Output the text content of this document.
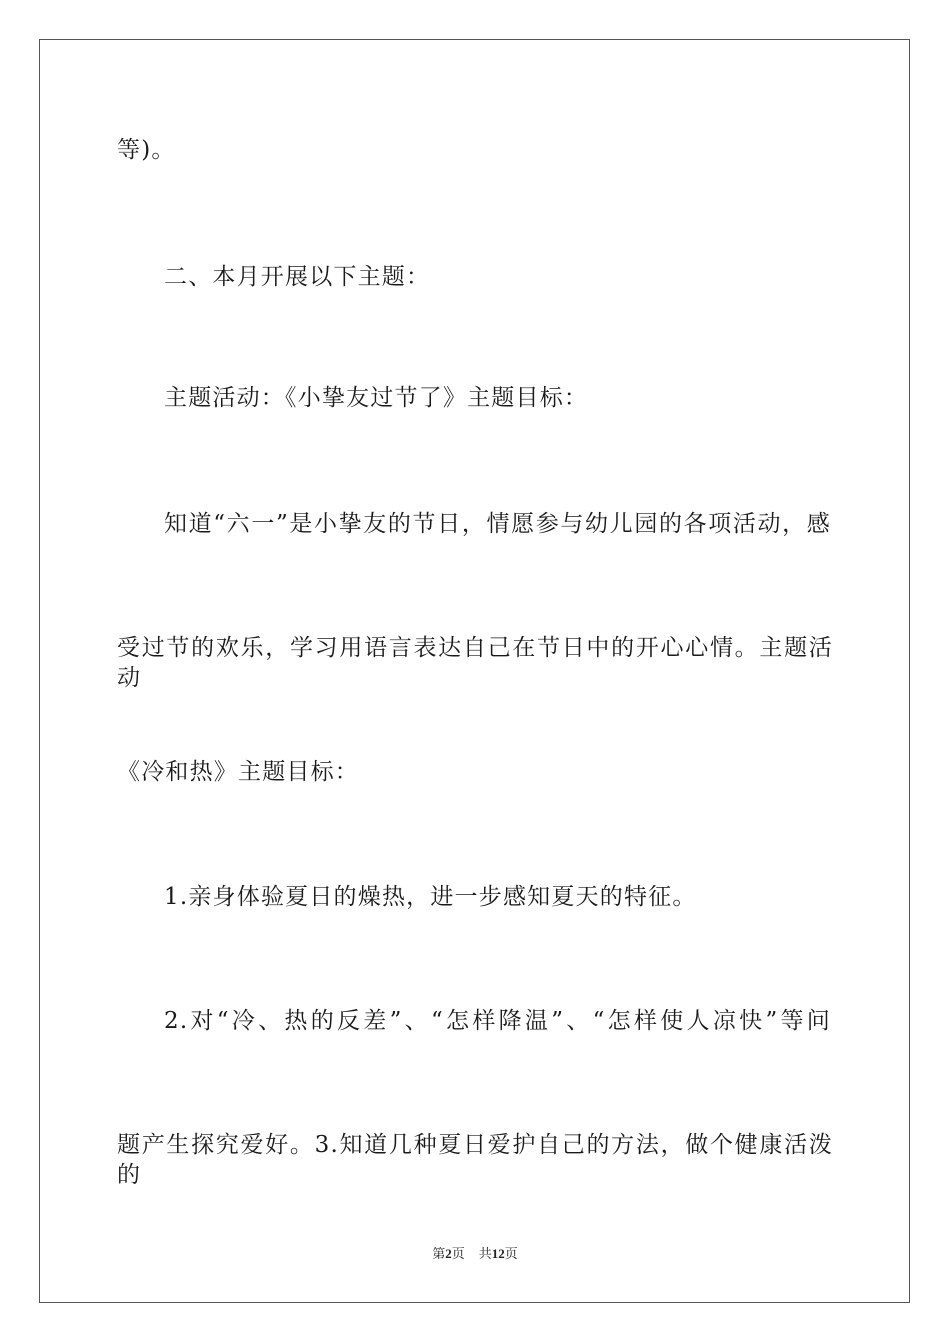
等)。
二、本月开展以下主题：
主题活动：《小挚友过节了》主题目标：
知道“六一”是小挚友的节日，情愿参与幼儿园的各项活动，感
受过节的欢乐，学习用语言表达自己在节日中的开心心情。主题活动
《冷和热》主题目标：
1.亲身体验夏日的燥热，进一步感知夏天的特征。
2.对“冷、热的反差”、“怎样降温”、“怎样使人凉快”等问
题产生探究爱好。3.知道几种夏日爱护自己的方法，做个健康活泼的
第2页 共12页
